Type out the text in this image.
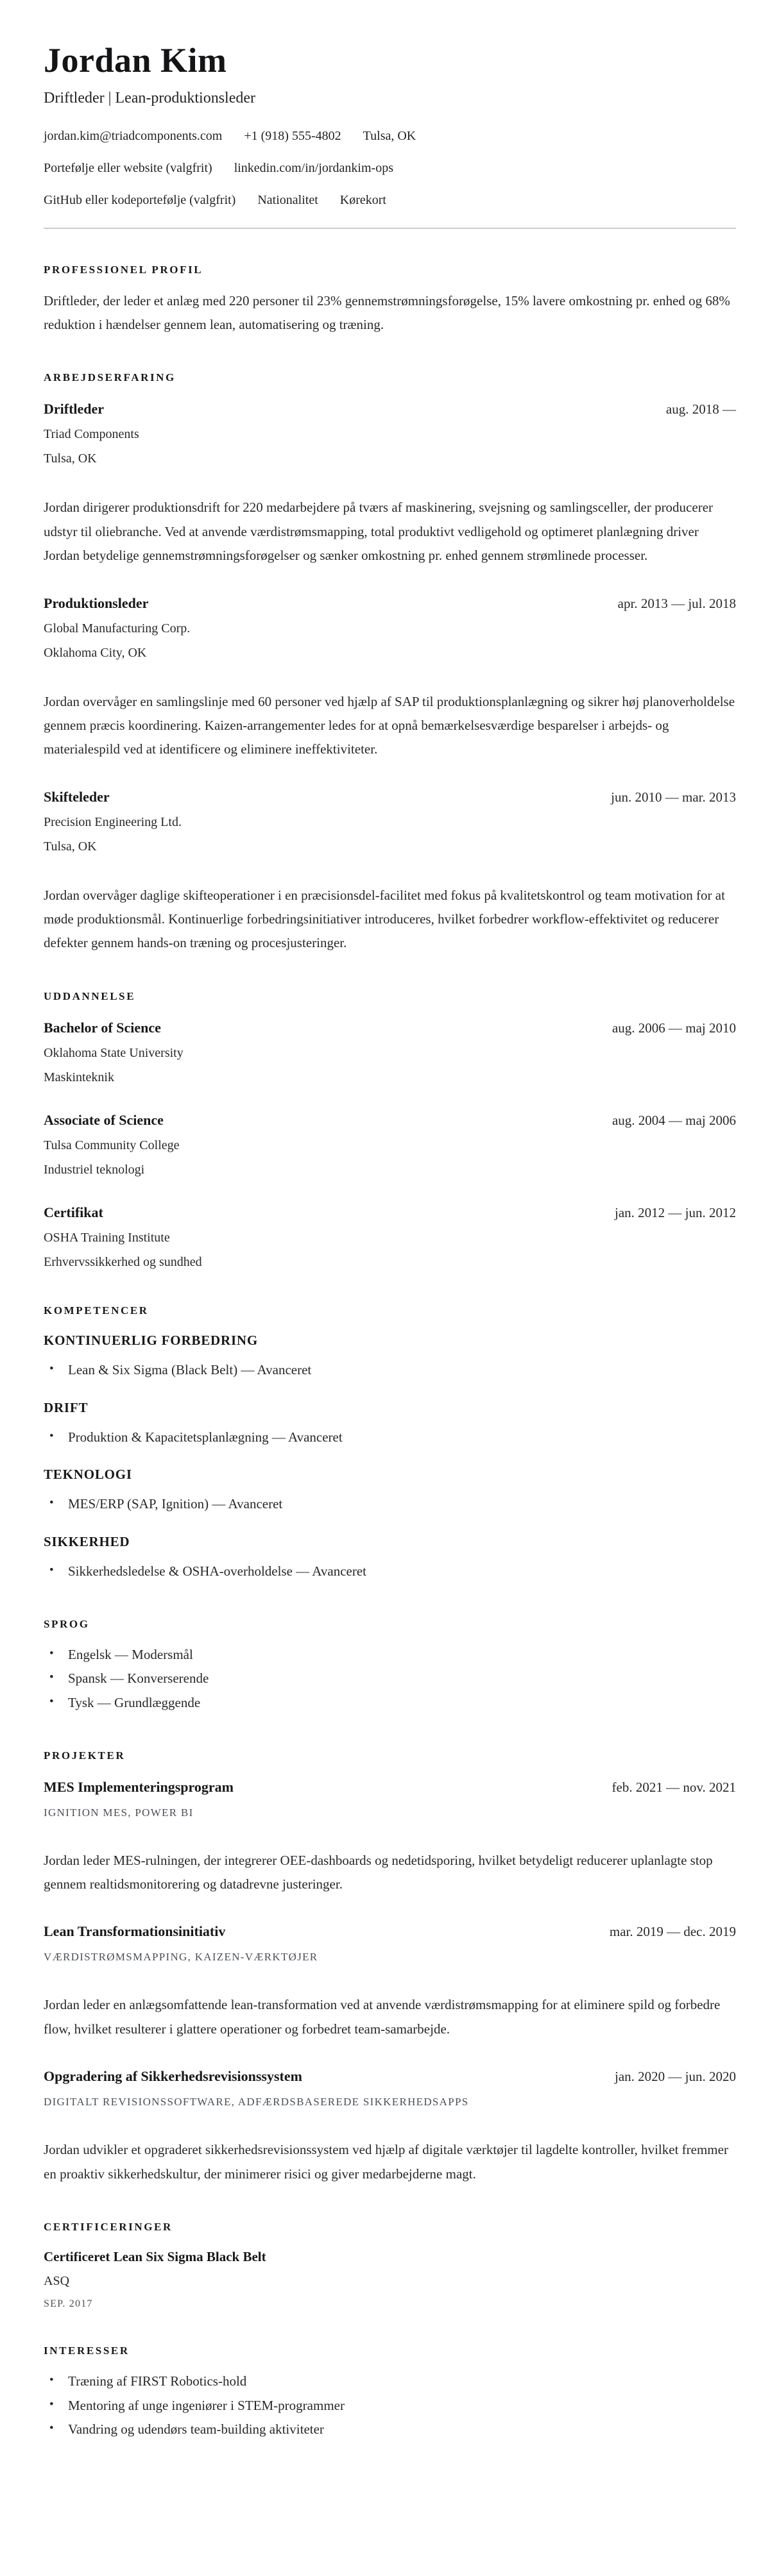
Jordan Kim
Driftleder | Lean-produktionsleder
jordan.kim@triadcomponents.com +1 (918) 555-4802 Tulsa, OK
Portefølje eller website (valgfrit) linkedin.com/in/jordankim-ops
GitHub eller kodeportefølje (valgfrit) Nationalitet Kørekort
PROFESSIONEL PROFIL

Driftleder, der leder et anlæg med 220 personer til 23% gennemstrømningsforøgelse, 15% lavere omkostning pr. enhed og 68% reduktion i hændelser gennem lean, automatisering og træning.

ARBEJDSERFARING
Driftleder	aug. 2018 —
Triad Components
Tulsa, OK

Jordan dirigerer produktionsdrift for 220 medarbejdere på tværs af maskinering, svejsning og samlingsceller, der producerer udstyr til oliebranche. Ved at anvende værdistrømsmapping, total produktivt vedligehold og optimeret planlægning driver Jordan betydelige gennemstrømningsforøgelser og sænker omkostning pr. enhed gennem strømlinede processer.

Produktionsleder	apr. 2013 — jul. 2018
Global Manufacturing Corp.
Oklahoma City, OK

Jordan overvåger en samlingslinje med 60 personer ved hjælp af SAP til produktionsplanlægning og sikrer høj planoverholdelse gennem præcis koordinering. Kaizen-arrangementer ledes for at opnå bemærkelsesværdige besparelser i arbejds- og materialespild ved at identificere og eliminere ineffektiviteter.

Skifteleder	jun. 2010 — mar. 2013
Precision Engineering Ltd.
Tulsa, OK

Jordan overvåger daglige skifteoperationer i en præcisionsdel-facilitet med fokus på kvalitetskontrol og team motivation for at møde produktionsmål. Kontinuerlige forbedringsinitiativer introduceres, hvilket forbedrer workflow-effektivitet og reducerer defekter gennem hands-on træning og procesjusteringer.

UDDANNELSE
Bachelor of Science	aug. 2006 — maj 2010
Oklahoma State University
Maskinteknik
Associate of Science	aug. 2004 — maj 2006
Tulsa Community College
Industriel teknologi
Certifikat	jan. 2012 — jun. 2012
OSHA Training Institute
Erhvervssikkerhed og sundhed
KOMPETENCER
KONTINUERLIG FORBEDRING
• Lean & Six Sigma (Black Belt) — Avanceret
DRIFT
• Produktion & Kapacitetsplanlægning — Avanceret
TEKNOLOGI
• MES/ERP (SAP, Ignition) — Avanceret
SIKKERHED
• Sikkerhedsledelse & OSHA-overholdelse — Avanceret
SPROG
• Engelsk — Modersmål
• Spansk — Konverserende
• Tysk — Grundlæggende
PROJEKTER
MES Implementeringsprogram	feb. 2021 — nov. 2021
IGNITION MES, POWER BI

Jordan leder MES-rulningen, der integrerer OEE-dashboards og nedetidsporing, hvilket betydeligt reducerer uplanlagte stop gennem realtidsmonitorering og datadrevne justeringer.

Lean Transformationsinitiativ	mar. 2019 — dec. 2019
VÆRDISTRØMSMAPPING, KAIZEN-VÆRKTØJER

Jordan leder en anlægsomfattende lean-transformation ved at anvende værdistrømsmapping for at eliminere spild og forbedre flow, hvilket resulterer i glattere operationer og forbedret team-samarbejde.

Opgradering af Sikkerhedsrevisionssystem	jan. 2020 — jun. 2020
DIGITALT REVISIONSSOFTWARE, ADFÆRDSBASEREDE SIKKERHEDSAPPS

Jordan udvikler et opgraderet sikkerhedsrevisionssystem ved hjælp af digitale værktøjer til lagdelte kontroller, hvilket fremmer en proaktiv sikkerhedskultur, der minimerer risici og giver medarbejderne magt.

CERTIFICERINGER
Certificeret Lean Six Sigma Black Belt
ASQ
SEP. 2017
INTERESSER
• Træning af FIRST Robotics-hold
• Mentoring af unge ingeniører i STEM-programmer
• Vandring og udendørs team-building aktiviteter
